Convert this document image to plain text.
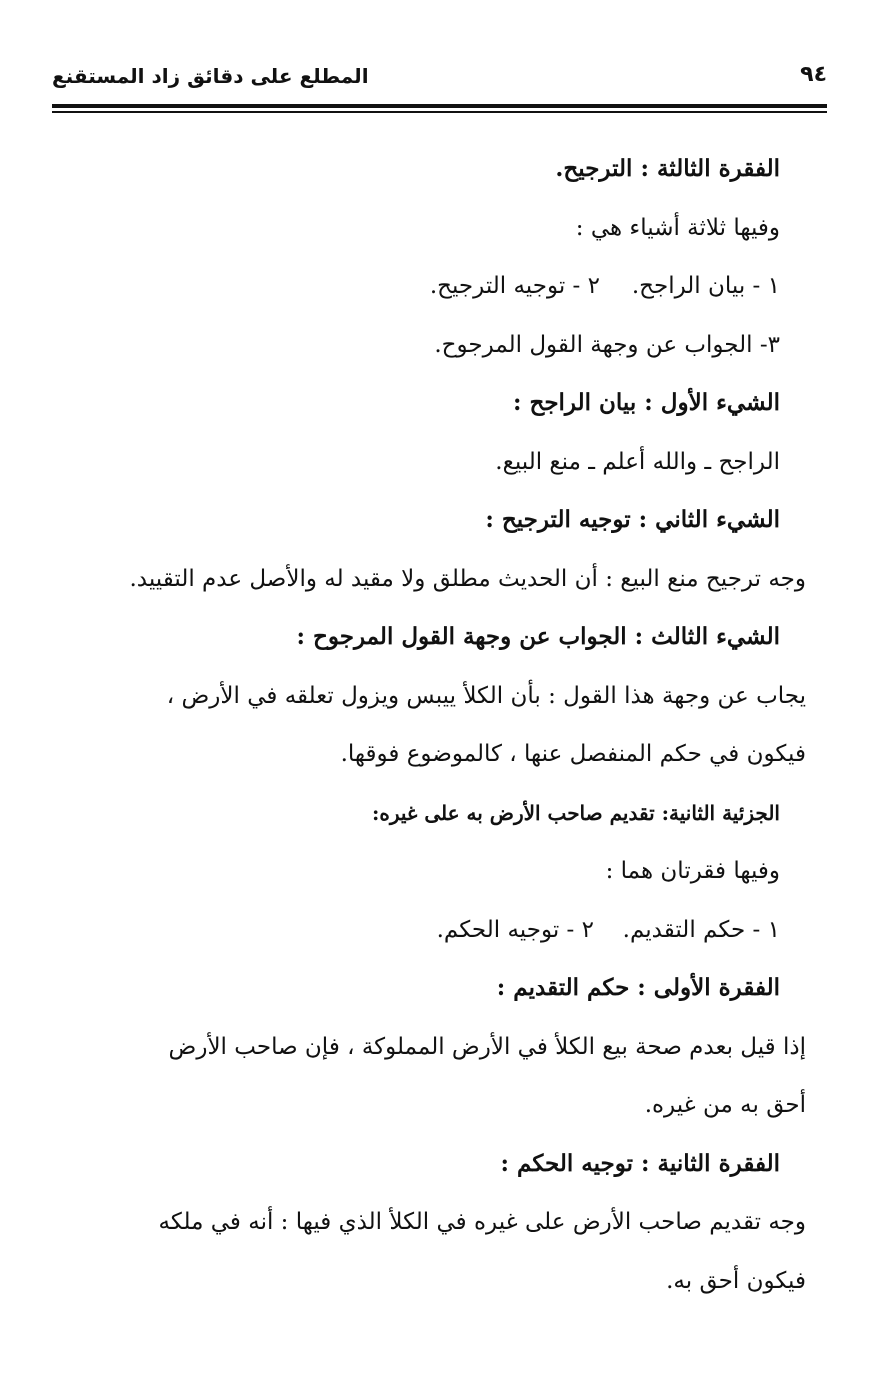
المطلع على دقائق زاد المستقنع	٩٤
الفقرة الثالثة : الترجيح.
وفيها ثلاثة أشياء هي :
١ - بيان الراجح.
٢ - توجيه الترجيح.
٣- الجواب عن وجهة القول المرجوح.
الشيء الأول : بيان الراجح :
الراجح ـ والله أعلم ـ منع البيع.
الشيء الثاني : توجيه الترجيح :
وجه ترجيح منع البيع : أن الحديث مطلق ولا مقيد له والأصل عدم التقييد.
الشيء الثالث : الجواب عن وجهة القول المرجوح :
يجاب عن وجهة هذا القول : بأن الكلأ ييبس ويزول تعلقه في الأرض ،
فيكون في حكم المنفصل عنها ، كالموضوع فوقها.
الجزئية الثانية: تقديم صاحب الأرض به على غيره:
وفيها فقرتان هما :
١ - حكم التقديم.
٢ - توجيه الحكم.
الفقرة الأولى : حكم التقديم :
إذا قيل بعدم صحة بيع الكلأ في الأرض المملوكة ، فإن صاحب الأرض
أحق به من غيره.
الفقرة الثانية : توجيه الحكم :
وجه تقديم صاحب الأرض على غيره في الكلأ الذي فيها : أنه في ملكه
فيكون أحق به.
